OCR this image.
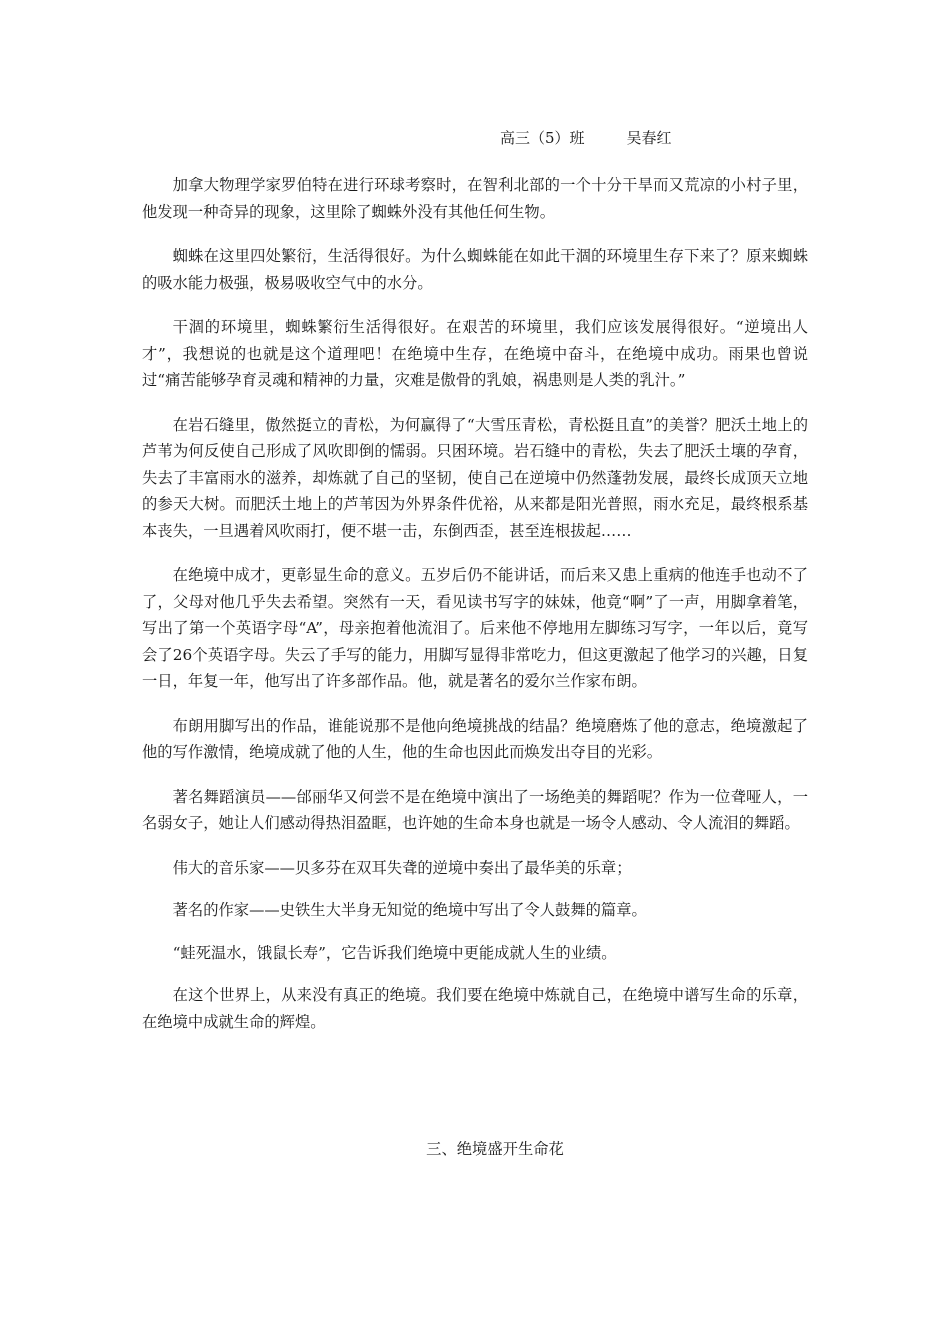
高三（5）班	吴春红

加拿大物理学家罗伯特在进行环球考察时，在智利北部的一个十分干旱而又荒凉的小村子里，他发现一种奇异的现象，这里除了蜘蛛外没有其他任何生物。

蜘蛛在这里四处繁衍，生活得很好。为什么蜘蛛能在如此干涸的环境里生存下来了？原来蜘蛛的吸水能力极强，极易吸收空气中的水分。

干涸的环境里，蜘蛛繁衍生活得很好。在艰苦的环境里，我们应该发展得很好。“逆境出人才”，我想说的也就是这个道理吧！在绝境中生存，在绝境中奋斗，在绝境中成功。雨果也曾说过“痛苦能够孕育灵魂和精神的力量，灾难是傲骨的乳娘，祸患则是人类的乳汁。”

在岩石缝里，傲然挺立的青松，为何赢得了“大雪压青松，青松挺且直”的美誉？肥沃土地上的芦苇为何反使自己形成了风吹即倒的懦弱。只困环境。岩石缝中的青松，失去了肥沃土壤的孕育，失去了丰富雨水的滋养，却炼就了自己的坚韧，使自己在逆境中仍然蓬勃发展，最终长成顶天立地的参天大树。而肥沃土地上的芦苇因为外界条件优裕，从来都是阳光普照，雨水充足，最终根系基本丧失，一旦遇着风吹雨打，便不堪一击，东倒西歪，甚至连根拔起……

在绝境中成才，更彰显生命的意义。五岁后仍不能讲话，而后来又患上重病的他连手也动不了了，父母对他几乎失去希望。突然有一天，看见读书写字的妹妹，他竟“啊”了一声，用脚拿着笔，写出了第一个英语字母“A”，母亲抱着他流泪了。后来他不停地用左脚练习写字，一年以后，竟写会了26个英语字母。失云了手写的能力，用脚写显得非常吃力，但这更激起了他学习的兴趣，日复一日，年复一年，他写出了许多部作品。他，就是著名的爱尔兰作家布朗。

布朗用脚写出的作品，谁能说那不是他向绝境挑战的结晶？绝境磨炼了他的意志，绝境激起了他的写作激情，绝境成就了他的人生，他的生命也因此而焕发出夺目的光彩。

著名舞蹈演员——邰丽华又何尝不是在绝境中演出了一场绝美的舞蹈呢？作为一位聋哑人，一名弱女子，她让人们感动得热泪盈眶，也许她的生命本身也就是一场令人感动、令人流泪的舞蹈。

伟大的音乐家——贝多芬在双耳失聋的逆境中奏出了最华美的乐章；

著名的作家——史铁生大半身无知觉的绝境中写出了令人鼓舞的篇章。

“蛙死温水，饿鼠长寿”，它告诉我们绝境中更能成就人生的业绩。

在这个世界上，从来没有真正的绝境。我们要在绝境中炼就自己，在绝境中谱写生命的乐章，在绝境中成就生命的辉煌。

三、绝境盛开生命花
